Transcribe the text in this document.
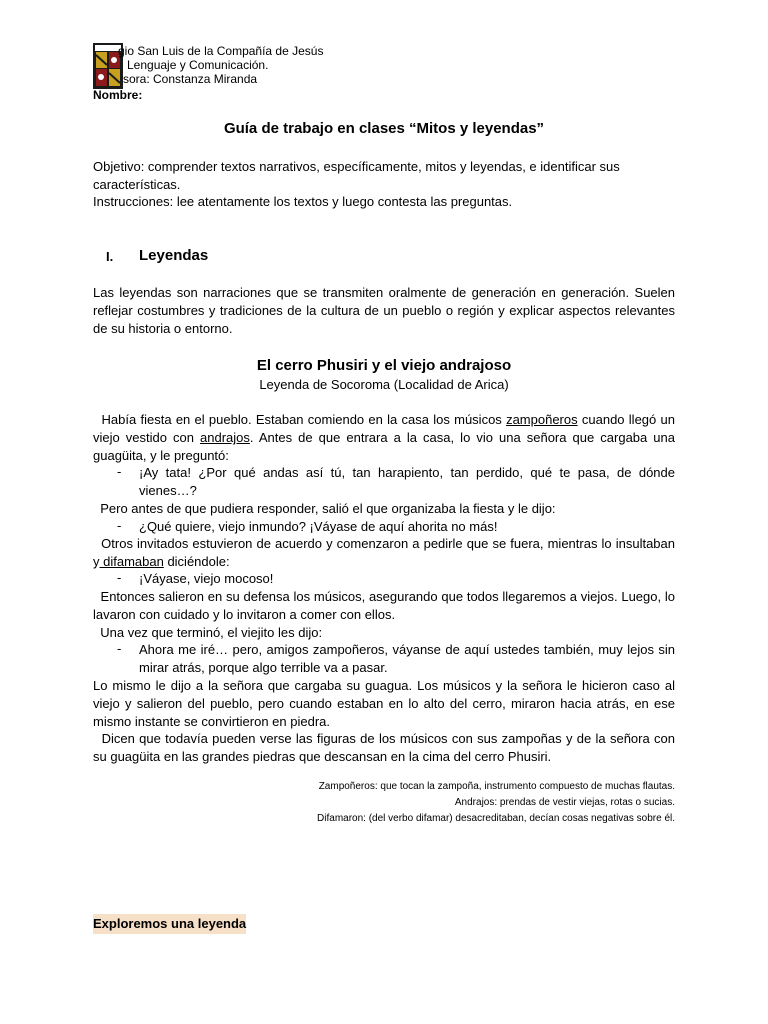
gio San Luis de la Compañía de Jesús
Lenguaje y Comunicación.
sora: Constanza Miranda
Nombre:
Guía de trabajo en clases “Mitos y leyendas”
Objetivo: comprender textos narrativos, específicamente, mitos y leyendas, e identificar sus características.
Instrucciones: lee atentamente los textos y luego contesta las preguntas.
I. Leyendas
Las leyendas son narraciones que se transmiten oralmente de generación en generación. Suelen reflejar costumbres y tradiciones de la cultura de un pueblo o región y explicar aspectos relevantes de su historia o entorno.
El cerro Phusiri y el viejo andrajoso
Leyenda de Socoroma (Localidad de Arica)
Había fiesta en el pueblo. Estaban comiendo en la casa los músicos zampoñeros cuando llegó un viejo vestido con andrajos. Antes de que entrara a la casa, lo vio una señora que cargaba una guagüita, y le preguntó:
- ¡Ay tata! ¿Por qué andas así tú, tan harapiento, tan perdido, qué te pasa, de dónde vienes…?
Pero antes de que pudiera responder, salió el que organizaba la fiesta y le dijo:
- ¿Qué quiere, viejo inmundo? ¡Váyase de aquí ahorita no más!
Otros invitados estuvieron de acuerdo y comenzaron a pedirle que se fuera, mientras lo insultaban y difamaban diciéndole:
- ¡Váyase, viejo mocoso!
Entonces salieron en su defensa los músicos, asegurando que todos llegaremos a viejos. Luego, lo lavaron con cuidado y lo invitaron a comer con ellos.
Una vez que terminó, el viejito les dijo:
- Ahora me iré… pero, amigos zampoñeros, váyanse de aquí ustedes también, muy lejos sin mirar atrás, porque algo terrible va a pasar.
Lo mismo le dijo a la señora que cargaba su guagua. Los músicos y la señora le hicieron caso al viejo y salieron del pueblo, pero cuando estaban en lo alto del cerro, miraron hacia atrás, en ese mismo instante se convirtieron en piedra.
Dicen que todavía pueden verse las figuras de los músicos con sus zampoñas y de la señora con su guagüita en las grandes piedras que descansan en la cima del cerro Phusiri.
Zampoñeros: que tocan la zampoña, instrumento compuesto de muchas flautas.
Andrajos: prendas de vestir viejas, rotas o sucias.
Difamaron: (del verbo difamar) desacreditaban, decían cosas negativas sobre él.
Exploremos una leyenda
